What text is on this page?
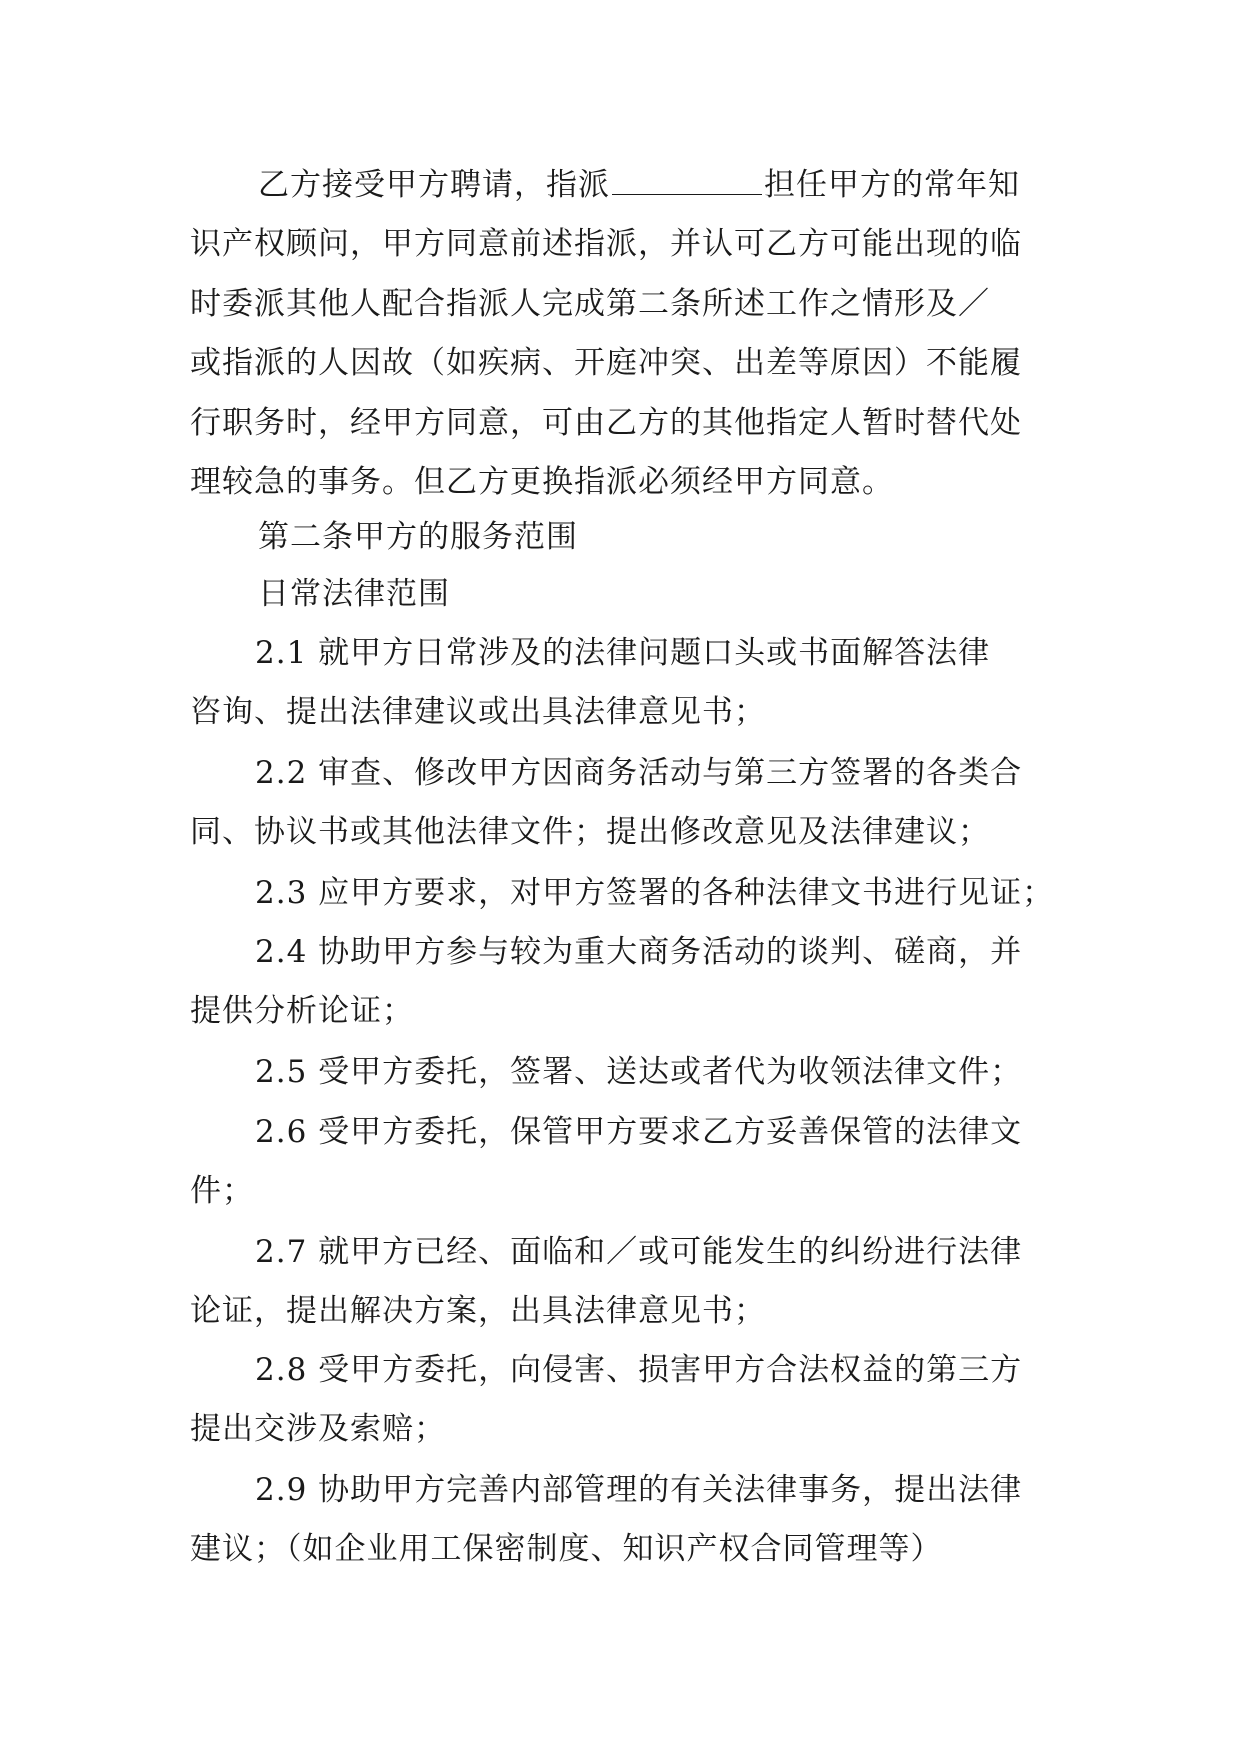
乙方接受甲方聘请，指派	担任甲方的常年知
识产权顾问，甲方同意前述指派，并认可乙方可能出现的临
时委派其他人配合指派人完成第二条所述工作之情形及／
或指派的人因故（如疾病、开庭冲突、出差等原因）不能履
行职务时，经甲方同意，可由乙方的其他指定人暂时替代处
理较急的事务。但乙方更换指派必须经甲方同意。
第二条甲方的服务范围
日常法律范围
2.1 就甲方日常涉及的法律问题口头或书面解答法律
咨询、提出法律建议或出具法律意见书；
2.2 审查、修改甲方因商务活动与第三方签署的各类合
同、协议书或其他法律文件；提出修改意见及法律建议；
2.3 应甲方要求，对甲方签署的各种法律文书进行见证；
2.4 协助甲方参与较为重大商务活动的谈判、磋商，并
提供分析论证；
2.5 受甲方委托，签署、送达或者代为收领法律文件；
2.6 受甲方委托，保管甲方要求乙方妥善保管的法律文
件；
2.7 就甲方已经、面临和／或可能发生的纠纷进行法律
论证，提出解决方案，出具法律意见书；
2.8 受甲方委托，向侵害、损害甲方合法权益的第三方
提出交涉及索赔；
2.9 协助甲方完善内部管理的有关法律事务，提出法律
建议；（如企业用工保密制度、知识产权合同管理等）
